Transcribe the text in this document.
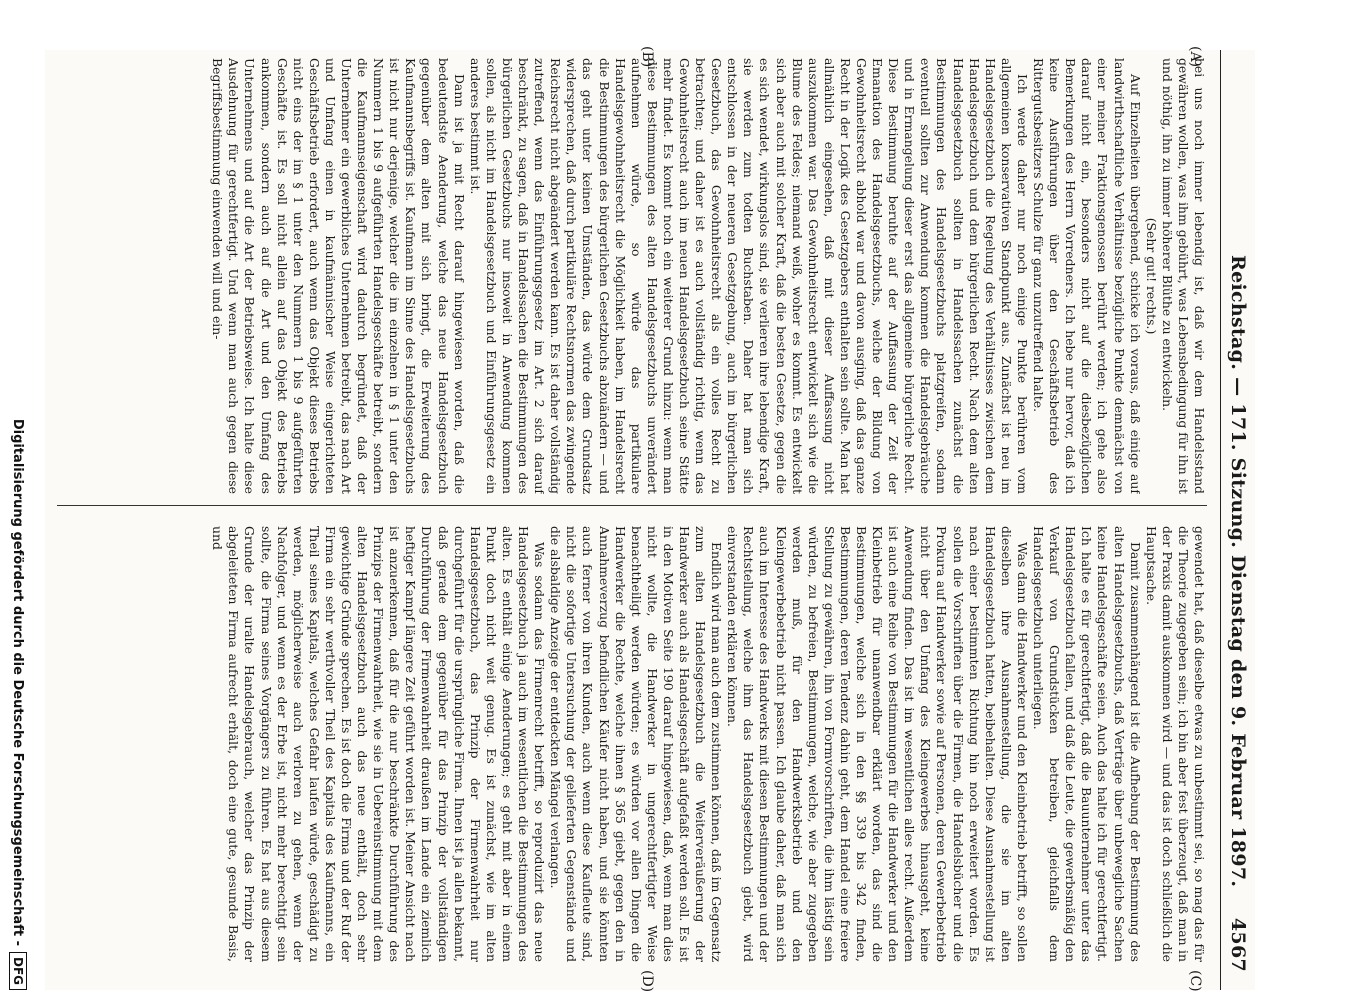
Reichstag. — 171. Sitzung. Dienstag den 9. Februar 1897.
4567
(A)
(B)
(C)
(D)

bei uns noch immer lebendig ist, daß wir dem Handelsstand gewähren wollen, was ihm gebührt, was Lebensbedingung für ihn ist und nöthig, ihn zu immer höherer Blüthe zu entwickeln.

(Sehr gut! rechts.)

Auf Einzelheiten übergehend, schicke ich voraus, daß einige auf landwirthschaftliche Verhältnisse bezügliche Punkte demnächst von einer meiner Fraktionsgenossen berührt werden; ich gehe also darauf nicht ein, besonders nicht auf die diesbezüglichen Bemerkungen des Herrn Vorredners. Ich hebe nur hervor, daß ich keine Ausführungen über den Geschäftsbetrieb des Rittergutsbesitzers Schulze für ganz unzutreffend halte.

Ich werde daher nur noch einige Punkte berühren vom allgemeinen konservativen Standpunkt aus. Zunächst ist neu im Handelsgesetzbuch die Regelung des Verhältnisses zwischen dem Handelsgesetzbuch und dem bürgerlichen Recht. Nach dem alten Handelsgesetzbuch sollten in Handelssachen zunächst die Bestimmungen des Handelsgesetzbuchs platzgreifen, sodann eventuell sollten zur Anwendung kommen die Handelsgebräuche und in Ermangelung dieser erst das allgemeine bürgerliche Recht. Diese Bestimmung beruhte auf der Auffassung der Zeit der Emanation des Handelsgesetzbuchs, welche der Bildung von Gewohnheitsrecht abhold war und davon ausging, daß das ganze Recht in der Logik des Gesetzgebers enthalten sein sollte. Man hat allmählich eingesehen, daß mit dieser Auffassung nicht auszukommen war. Das Gewohnheitsrecht entwickelt sich wie die Blume des Feldes; niemand weiß, woher es kommt. Es entwickelt sich aber auch mit solcher Kraft, daß die besten Gesetze, gegen die es sich wendet, wirkungslos sind, sie verlieren ihre lebendige Kraft, sie werden zum todten Buchstaben. Daher hat man sich entschlossen in der neueren Gesetzgebung, auch im bürgerlichen Gesetzbuch, das Gewohnheitsrecht als ein volles Recht zu betrachten; und daher ist es auch vollständig richtig, wenn das Gewohnheitsrecht auch im neuen Handelsgesetzbuch seine Stätte mehr findet. Es kommt noch ein weiterer Grund hinzu: wenn man diese Bestimmungen des alten Handelsgesetzbuchs unverändert aufnehmen würde, so würde das partikulare Handelsgewohnheitsrecht die Möglichkeit haben, im Handelsrecht die Bestimmungen des bürgerlichen Gesetzbuchs abzuändern — und das geht unter keinen Umständen, das würde dem Grundsatz widersprechen, daß durch partikuläre Rechtsnormen das zwingende Reichsrecht nicht abgeändert werden kann. Es ist daher vollständig zutreffend, wenn das Einführungsgesetz im Art. 2 sich darauf beschränkt, zu sagen, daß in Handelssachen die Bestimmungen des bürgerlichen Gesetzbuchs nur insoweit in Anwendung kommen sollen, als nicht im Handelsgesetzbuch und Einführungsgesetz ein anderes bestimmt ist.

Dann ist ja mit Recht darauf hingewiesen worden, daß die bedeutendste Aenderung, welche das neue Handelsgesetzbuch gegenüber dem alten mit sich bringt, die Erweiterung des Kaufmannsbegriffs ist. Kaufmann im Sinne des Handelsgesetzbuchs ist nicht nur derjenige, welcher die im einzelnen in § 1 unter den Nummern 1 bis 9 aufgeführten Handelsgeschäfte betreibt, sondern die Kaufmannseigenschaft wird dadurch begründet, daß der Unternehmer ein gewerbliches Unternehmen betreibt, das nach Art und Umfang einen in kaufmännischer Weise eingerichteten Geschäftsbetrieb erfordert, auch wenn das Objekt dieses Betriebs nicht eins der im § 1 unter den Nummern 1 bis 9 aufgeführten Geschäfte ist. Es soll nicht allein auf das Objekt des Betriebs ankommen, sondern auch auf die Art und den Umfang des Unternehmens und auf die Art der Betriebsweise. Ich halte diese Ausdehnung für gerechtfertigt. Und wenn man auch gegen diese Begriffsbestimmung einwenden will und ein-

gewendet hat, daß dieselbe etwas zu unbestimmt sei, so mag das für die Theorie zugegeben sein; ich bin aber fest überzeugt, daß man in der Praxis damit auskommen wird — und das ist doch schließlich die Hauptsache.

Damit zusammenhängend ist die Aufhebung der Bestimmung des alten Handelsgesetzbuchs, daß Verträge über unbewegliche Sachen keine Handelsgeschäfte seien. Auch das halte ich für gerechtfertigt. Ich halte es für gerechtfertigt, daß die Bauunternehmer unter das Handelsgesetzbuch fallen, und daß die Leute, die gewerbsmäßig den Verkauf von Grundstücken betreiben, gleichfalls dem Handelsgesetzbuch unterliegen.

Was dann die Handwerker und den Kleinbetrieb betrifft, so sollen dieselben ihre Ausnahmestellung, die sie im alten Handelsgesetzbuch hatten, beibehalten. Diese Ausnahmestellung ist nach einer bestimmten Richtung hin noch erweitert worden. Es sollen die Vorschriften über die Firmen, die Handelsbücher und die Prokura auf Handwerker sowie auf Personen, deren Gewerbebetrieb nicht über den Umfang des Kleingewerbes hinausgeht, keine Anwendung finden. Das ist im wesentlichen alles recht. Außerdem ist auch eine Reihe von Bestimmungen für die Handwerker und den Kleinbetrieb für unanwendbar erklärt worden, das sind die Bestimmungen, welche sich in den §§ 339 bis 342 finden, Bestimmungen, deren Tendenz dahin geht, dem Handel eine freiere Stellung zu gewähren, ihn von Formvorschriften, die ihm lästig sein würden, zu befreien, Bestimmungen, welche, wie aber zugegeben werden muß, für den Handwerksbetrieb und den Kleingewerbebetrieb nicht passen. Ich glaube daher, daß man sich auch im Interesse des Handwerks mit diesen Bestimmungen und der Rechtstellung, welche ihm das Handelsgesetzbuch giebt, wird einverstanden erklären können.

Endlich wird man auch dem zustimmen können, daß im Gegensatz zum alten Handelsgesetzbuch die Weiterveräußerung der Handwerker auch als Handelsgeschäft aufgefaßt werden soll. Es ist in den Motiven Seite 190 darauf hingewiesen, daß, wenn man dies nicht wollte, die Handwerker in ungerechtfertigter Weise benachtheiligt werden würden; es würden vor allen Dingen die Handwerker die Rechte, welche ihnen § 365 giebt, gegen den in Annahmeverzug befindlichen Käufer nicht haben, und sie könnten auch ferner von ihren Kunden, auch wenn diese Kaufleute sind, nicht die sofortige Untersuchung der gelieferten Gegenstände und die alsbaldige Anzeige der entdeckten Mängel verlangen.

Was sodann das Firmenrecht betrifft, so reproduzirt das neue Handelsgesetzbuch ja auch im wesentlichen die Bestimmungen des alten. Es enthält einige Aenderungen; es geht mit aber in einem Punkt doch nicht weit genug. Es ist zunächst, wie im alten Handelsgesetzbuch, das Prinzip der Firmenwahrheit nur durchgeführt für die ursprüngliche Firma. Ihnen ist ja allen bekannt, daß gerade dem gegenüber für das Prinzip der vollständigen Durchführung der Firmenwahrheit draußen im Lande ein ziemlich heftiger Kampf längere Zeit geführt worden ist. Meiner Ansicht nach ist anzuerkennen, daß für die nur beschränkte Durchführung des Prinzips der Firmenwahrheit, wie sie in Uebereinstimmung mit dem alten Handelsgesetzbuch auch das neue enthält, doch sehr gewichtige Gründe sprechen. Es ist doch die Firma und der Ruf der Firma ein sehr werthvoller Theil des Kapitals des Kaufmanns, ein Theil seines Kapitals, welches Gefahr laufen würde, geschädigt zu werden, möglicherweise auch verloren zu gehen, wenn der Nachfolger, und wenn es der Erbe ist, nicht mehr berechtigt sein sollte, die Firma seines Vorgängers zu führen. Es hat aus diesem Grunde der uralte Handelsgebrauch, welcher das Prinzip der abgeleiteten Firma aufrecht erhält, doch eine gute, gesunde Basis, und

Digitalisierung gefördert durch die Deutsche Forschungsgemeinschaft -
DFG
